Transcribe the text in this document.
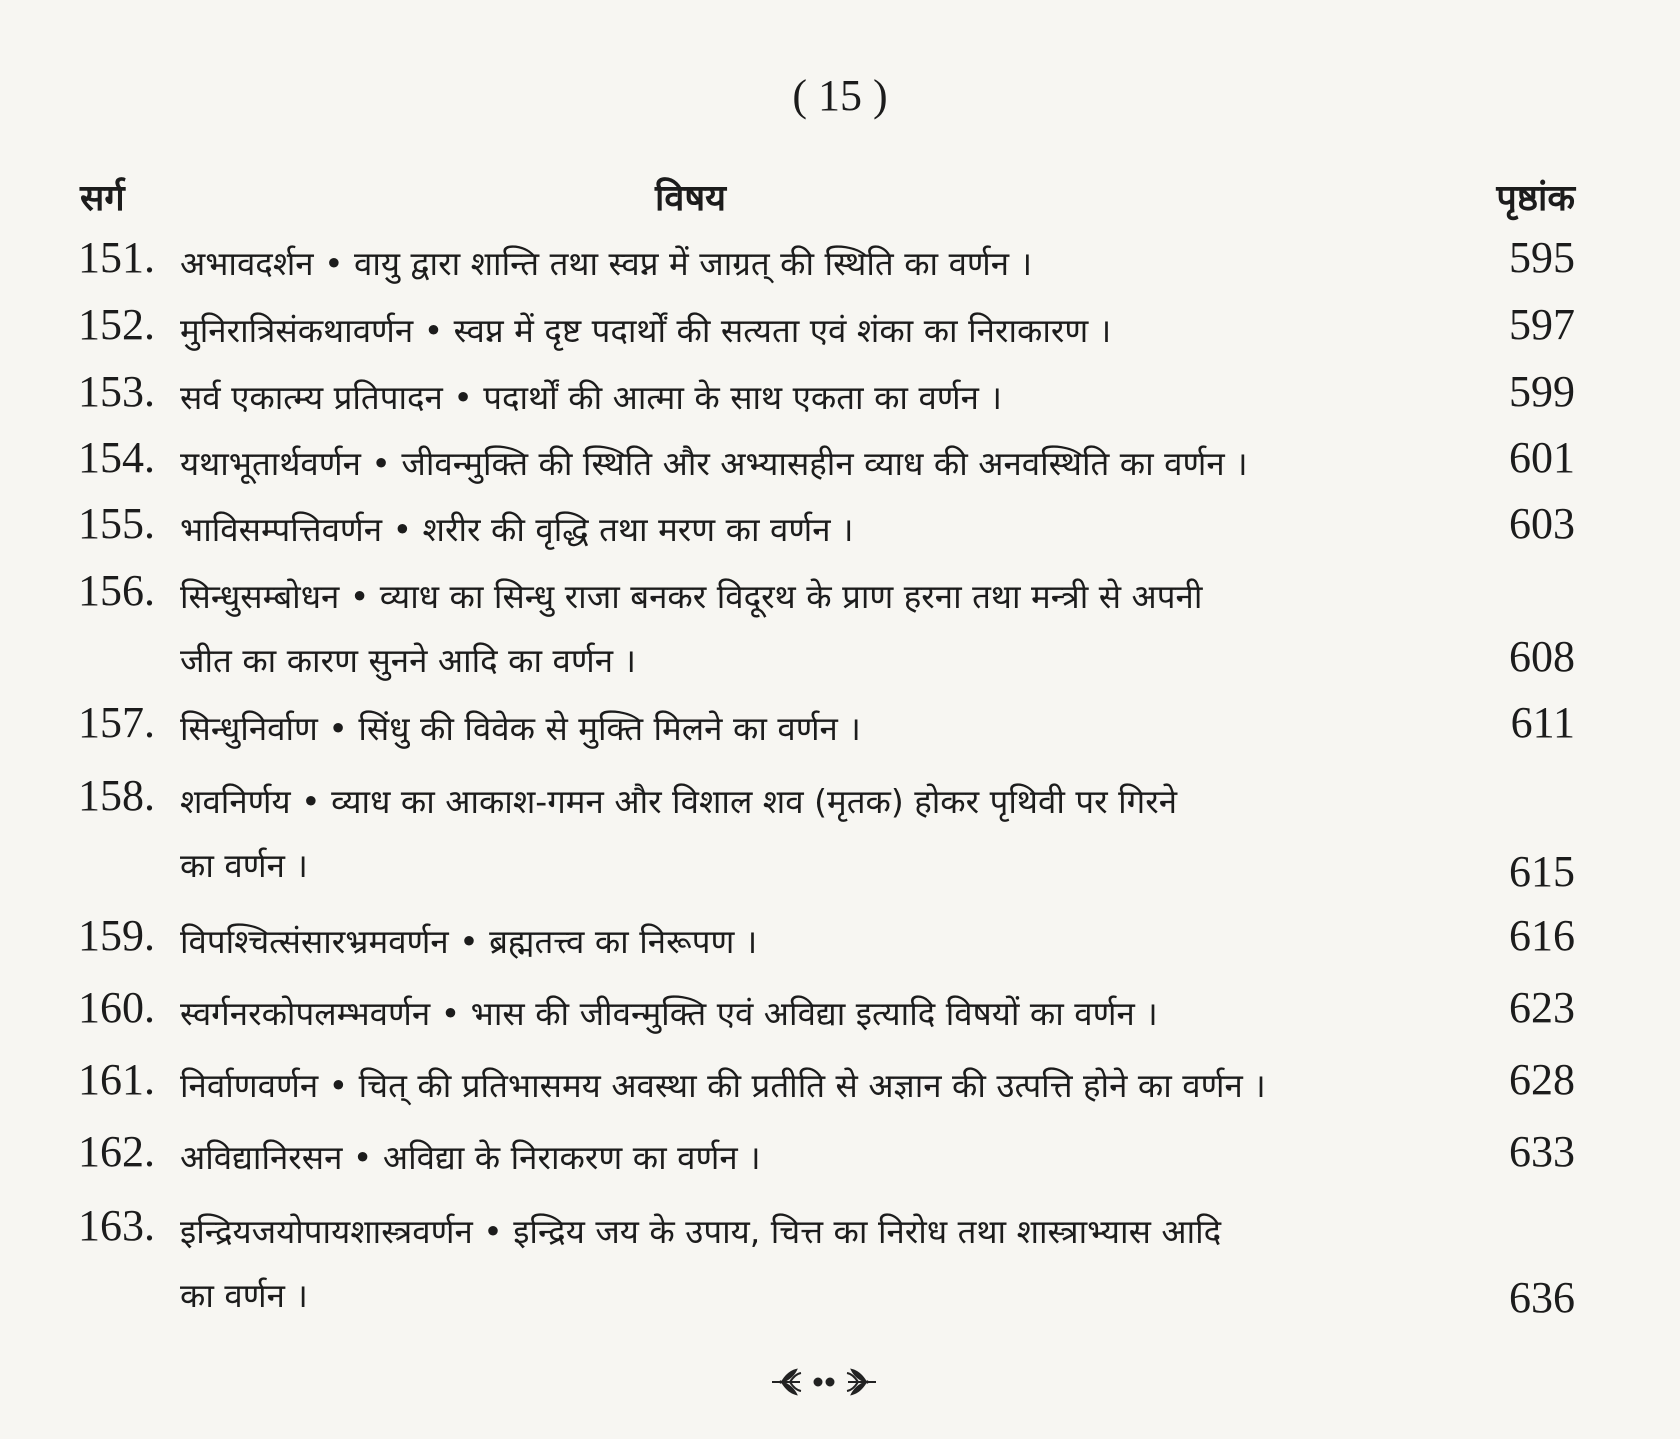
( 15 )
सर्ग	विषय	पृष्ठांक
151. अभावदर्शन • वायु द्वारा शान्ति तथा स्वप्न में जाग्रत् की स्थिति का वर्णन ।	595
152. मुनिरात्रिसंकथावर्णन • स्वप्न में दृष्ट पदार्थों की सत्यता एवं शंका का निराकारण ।	597
153. सर्व एकात्म्य प्रतिपादन • पदार्थों की आत्मा के साथ एकता का वर्णन ।	599
154. यथाभूतार्थवर्णन • जीवन्मुक्ति की स्थिति और अभ्यासहीन व्याध की अनवस्थिति का वर्णन ।	601
155. भाविसम्पत्तिवर्णन • शरीर की वृद्धि तथा मरण का वर्णन ।	603
156. सिन्धुसम्बोधन • व्याध का सिन्धु राजा बनकर विदूरथ के प्राण हरना तथा मन्त्री से अपनी
जीत का कारण सुनने आदि का वर्णन ।	608
157. सिन्धुनिर्वाण • सिंधु की विवेक से मुक्ति मिलने का वर्णन ।	611
158. शवनिर्णय • व्याध का आकाश-गमन और विशाल शव (मृतक) होकर पृथिवी पर गिरने
का वर्णन ।	615
159. विपश्चित्संसारभ्रमवर्णन • ब्रह्मतत्त्व का निरूपण ।	616
160. स्वर्गनरकोपलम्भवर्णन • भास की जीवन्मुक्ति एवं अविद्या इत्यादि विषयों का वर्णन ।	623
161. निर्वाणवर्णन • चित् की प्रतिभासमय अवस्था की प्रतीति से अज्ञान की उत्पत्ति होने का वर्णन ।	628
162. अविद्यानिरसन • अविद्या के निराकरण का वर्णन ।	633
163. इन्द्रियजयोपायशास्त्रवर्णन • इन्द्रिय जय के उपाय, चित्त का निरोध तथा शास्त्राभ्यास आदि
का वर्णन ।	636
